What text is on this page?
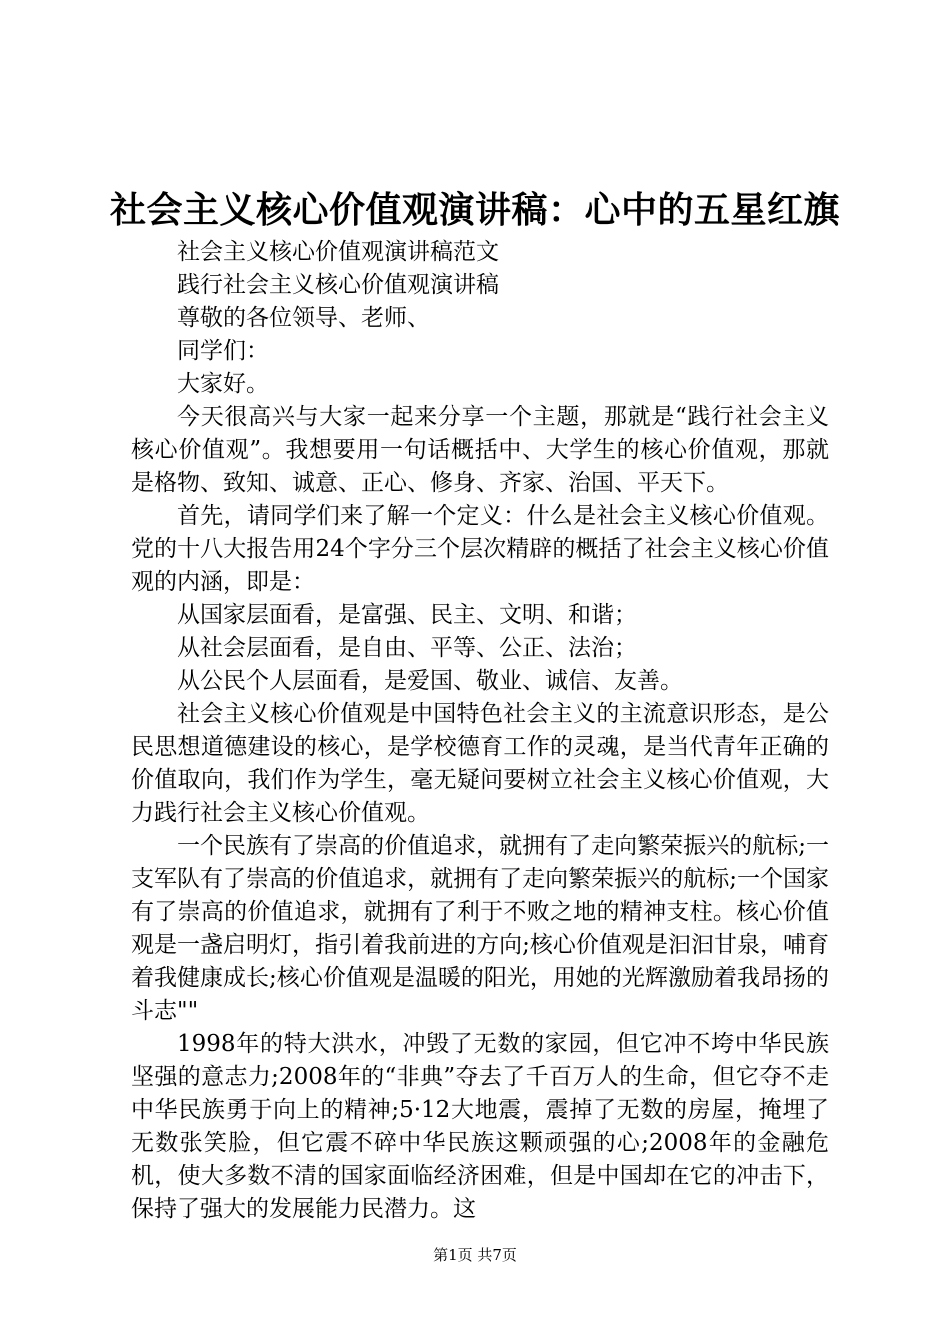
社会主义核心价值观演讲稿：心中的五星红旗

社会主义核心价值观演讲稿范文

践行社会主义核心价值观演讲稿

尊敬的各位领导、老师、

同学们：

大家好。

今天很高兴与大家一起来分享一个主题，那就是“践行社会主义核心价值观”。我想要用一句话概括中、大学生的核心价值观，那就是格物、致知、诚意、正心、修身、齐家、治国、平天下。

首先，请同学们来了解一个定义：什么是社会主义核心价值观。党的十八大报告用24个字分三个层次精辟的概括了社会主义核心价值观的内涵，即是：

从国家层面看，是富强、民主、文明、和谐；

从社会层面看，是自由、平等、公正、法治；

从公民个人层面看，是爱国、敬业、诚信、友善。

社会主义核心价值观是中国特色社会主义的主流意识形态，是公民思想道德建设的核心，是学校德育工作的灵魂，是当代青年正确的价值取向，我们作为学生，毫无疑问要树立社会主义核心价值观，大力践行社会主义核心价值观。

一个民族有了崇高的价值追求，就拥有了走向繁荣振兴的航标;一支军队有了崇高的价值追求，就拥有了走向繁荣振兴的航标;一个国家有了崇高的价值追求，就拥有了利于不败之地的精神支柱。核心价值观是一盏启明灯，指引着我前进的方向;核心价值观是汩汩甘泉，哺育着我健康成长;核心价值观是温暖的阳光，用她的光辉激励着我昂扬的斗志""

1998年的特大洪水，冲毁了无数的家园，但它冲不垮中华民族坚强的意志力;2008年的“非典”夺去了千百万人的生命，但它夺不走中华民族勇于向上的精神;5·12大地震，震掉了无数的房屋，掩埋了无数张笑脸，但它震不碎中华民族这颗顽强的心;2008年的金融危机，使大多数不清的国家面临经济困难，但是中国却在它的冲击下，保持了强大的发展能力民潜力。这

第1页 共7页
